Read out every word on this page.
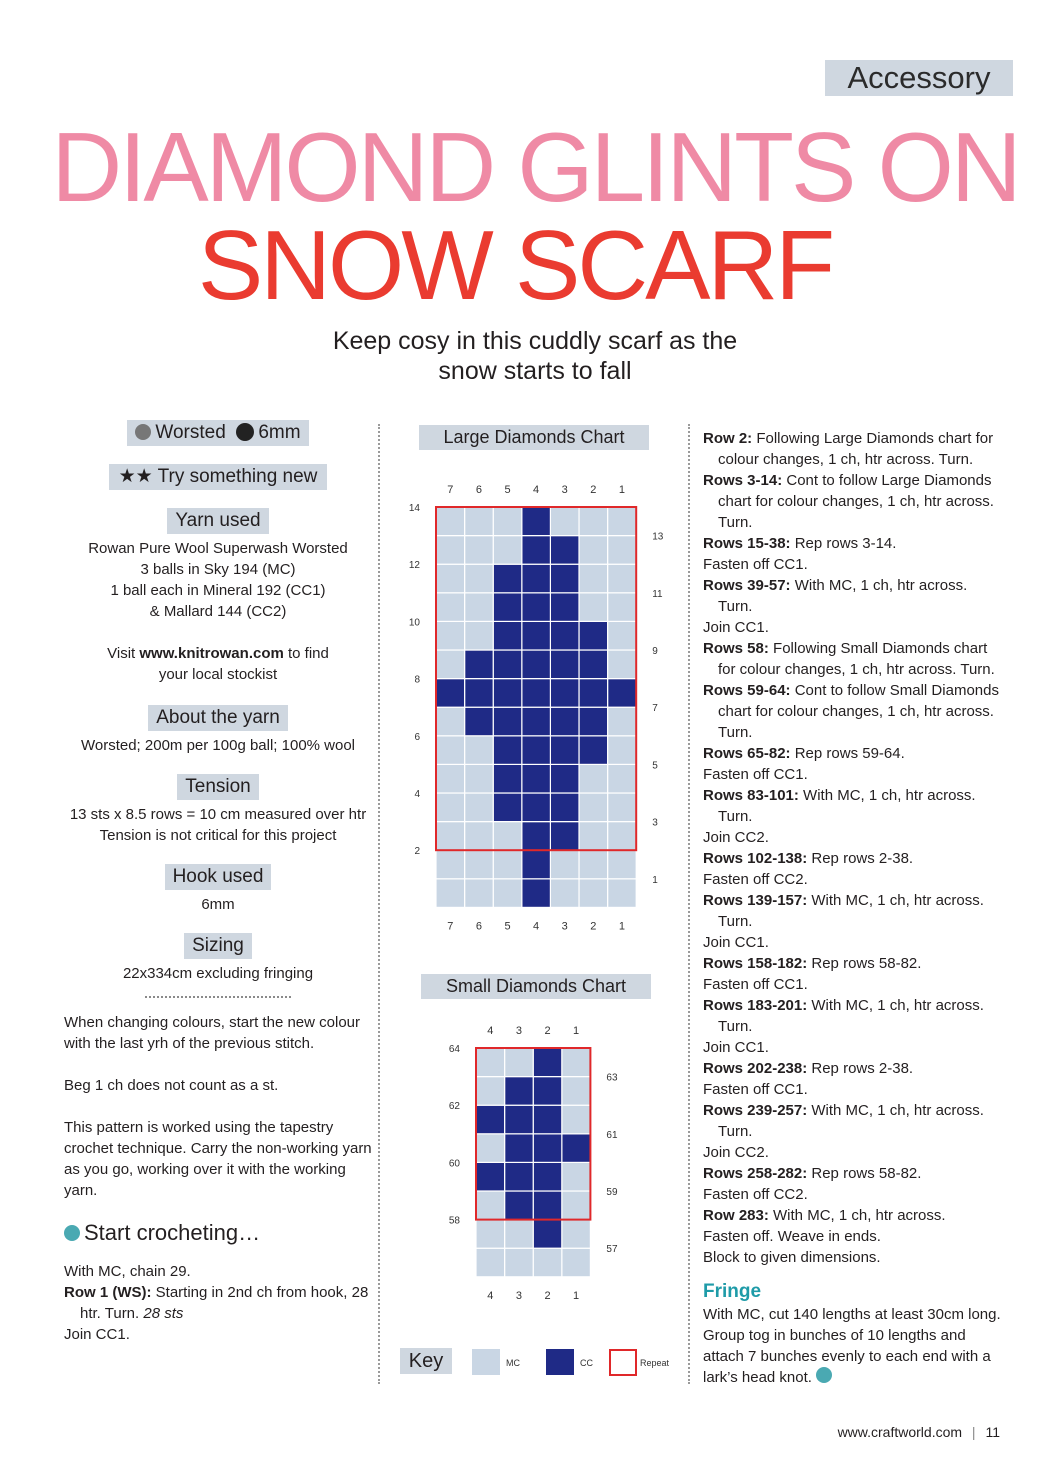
Accessory
DIAMOND GLINTS ON
SNOW SCARF
Keep cosy in this cuddly scarf as the
snow starts to fall
Worsted 6mm
★★ Try something new
Yarn used
Rowan Pure Wool Superwash Worsted
3 balls in Sky 194 (MC)
1 ball each in Mineral 192 (CC1)
& Mallard 144 (CC2)
Visit www.knitrowan.com to find
your local stockist
About the yarn
Worsted; 200m per 100g ball; 100% wool
Tension
13 sts x 8.5 rows = 10 cm measured over htr
Tension is not critical for this project
Hook used
6mm
Sizing
22x334cm excluding fringing

When changing colours, start the new colour with the last yrh of the previous stitch.

Beg 1 ch does not count as a st.

This pattern is worked using the tapestry crochet technique. Carry the non-working yarn as you go, working over it with the working yarn.

Start crocheting…
With MC, chain 29.
Row 1 (WS): Starting in 2nd ch from hook, 28 htr. Turn. 28 sts
Join CC1.
Large Diamonds Chart
7
7
6
6
5
5
4
4
3
3
2
2
1
1
2
4
6
8
10
12
14
1
3
5
7
9
11
13
Small Diamonds Chart
4
4
3
3
2
2
1
1
58
60
62
64
57
59
61
63
Key	MC	CC	Repeat

Row 2: Following Large Diamonds chart for colour changes, 1 ch, htr across. Turn.

Rows 3-14: Cont to follow Large Diamonds chart for colour changes, 1 ch, htr across. Turn.

Rows 15-38: Rep rows 3-14.

Fasten off CC1.

Rows 39-57: With MC, 1 ch, htr across. Turn.

Join CC1.

Rows 58: Following Small Diamonds chart for colour changes, 1 ch, htr across. Turn.

Rows 59-64: Cont to follow Small Diamonds chart for colour changes, 1 ch, htr across. Turn.

Rows 65-82: Rep rows 59-64.

Fasten off CC1.

Rows 83-101: With MC, 1 ch, htr across. Turn.

Join CC2.

Rows 102-138: Rep rows 2-38.

Fasten off CC2.

Rows 139-157: With MC, 1 ch, htr across. Turn.

Join CC1.

Rows 158-182: Rep rows 58-82.

Fasten off CC1.

Rows 183-201: With MC, 1 ch, htr across. Turn.

Join CC1.

Rows 202-238: Rep rows 2-38.

Fasten off CC1.

Rows 239-257: With MC, 1 ch, htr across. Turn.

Join CC2.

Rows 258-282: Rep rows 58-82.

Fasten off CC2.

Row 283: With MC, 1 ch, htr across.

Fasten off. Weave in ends.

Block to given dimensions.

Fringe

With MC, cut 140 lengths at least 30cm long. Group tog in bunches of 10 lengths and attach 7 bunches evenly to each end with a lark’s head knot.

www.craftworld.com | 11
